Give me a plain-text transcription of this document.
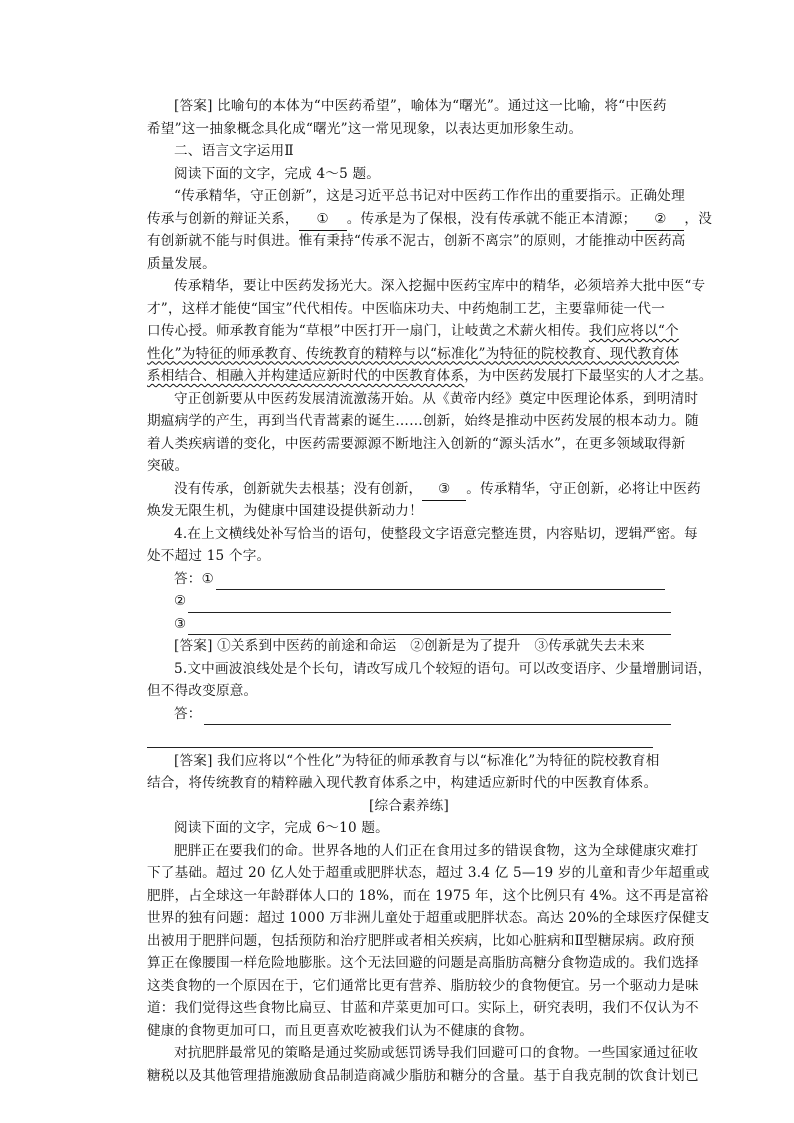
[答案] 比喻句的本体为“中医药希望”，喻体为“曙光”。通过这一比喻，将“中医药
希望”这一抽象概念具化成“曙光”这一常见现象，以表达更加形象生动。
二、语言文字运用Ⅱ
阅读下面的文字，完成 4～5 题。
“传承精华，守正创新”，这是习近平总书记对中医药工作作出的重要指示。正确处理
传承与创新的辩证关系， ① 。传承是为了保根，没有传承就不能正本清源； ② ，没
有创新就不能与时俱进。惟有秉持“传承不泥古，创新不离宗”的原则，才能推动中医药高
质量发展。
传承精华，要让中医药发扬光大。深入挖掘中医药宝库中的精华，必须培养大批中医“专
才”，这样才能使“国宝”代代相传。中医临床功夫、中药炮制工艺，主要靠师徒一代一
口传心授。师承教育能为“草根”中医打开一扇门，让岐黄之术薪火相传。我们应将以“个
性化”为特征的师承教育、传统教育的精粹与以“标准化”为特征的院校教育、现代教育体
系相结合、相融入并构建适应新时代的中医教育体系，为中医药发展打下最坚实的人才之基。
守正创新要从中医药发展清流激荡开始。从《黄帝内经》奠定中医理论体系，到明清时
期瘟病学的产生，再到当代青蒿素的诞生……创新，始终是推动中医药发展的根本动力。随
着人类疾病谱的变化，中医药需要源源不断地注入创新的“源头活水”，在更多领域取得新
突破。
没有传承，创新就失去根基；没有创新， ③ 。传承精华，守正创新，必将让中医药
焕发无限生机，为健康中国建设提供新动力！
4.在上文横线处补写恰当的语句，使整段文字语意完整连贯，内容贴切，逻辑严密。每
处不超过 15 个字。
答： ①
②
③
[答案] ①关系到中医药的前途和命运　②创新是为了提升　③传承就失去未来
5.文中画波浪线处是个长句，请改写成几个较短的语句。可以改变语序、少量增删词语，
但不得改变原意。
答：
[答案] 我们应将以“个性化”为特征的师承教育与以“标准化”为特征的院校教育相
结合，将传统教育的精粹融入现代教育体系之中，构建适应新时代的中医教育体系。
[综合素养练]
阅读下面的文字，完成 6～10 题。
肥胖正在要我们的命。世界各地的人们正在食用过多的错误食物，这为全球健康灾难打
下了基础。超过 20 亿人处于超重或肥胖状态，超过 3.4 亿 5—19 岁的儿童和青少年超重或
肥胖，占全球这一年龄群体人口的 18%，而在 1975 年，这个比例只有 4%。这不再是富裕
世界的独有问题：超过 1000 万非洲儿童处于超重或肥胖状态。高达 20%的全球医疗保健支
出被用于肥胖问题，包括预防和治疗肥胖或者相关疾病，比如心脏病和Ⅱ型糖尿病。政府预
算正在像腰围一样危险地膨胀。这个无法回避的问题是高脂肪高糖分食物造成的。我们选择
这类食物的一个原因在于，它们通常比更有营养、脂肪较少的食物便宜。另一个驱动力是味
道：我们觉得这些食物比扁豆、甘蓝和芹菜更加可口。实际上，研究表明，我们不仅认为不
健康的食物更加可口，而且更喜欢吃被我们认为不健康的食物。
对抗肥胖最常见的策略是通过奖励或惩罚诱导我们回避可口的食物。一些国家通过征收
糖税以及其他管理措施激励食品制造商减少脂肪和糖分的含量。基于自我克制的饮食计划已
